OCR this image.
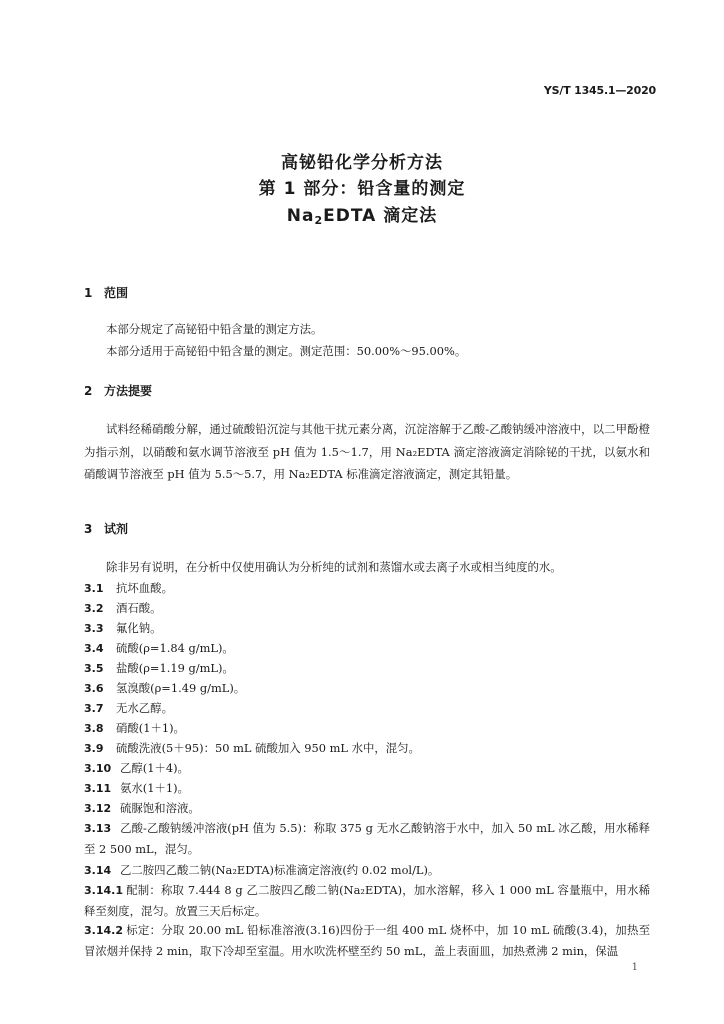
YS/T 1345.1—2020
高铋铅化学分析方法
第 1 部分：铅含量的测定
$Na_2EDTA$ 滴定法
1 范围
本部分规定了高铋铅中铅含量的测定方法。
本部分适用于高铋铅中铅含量的测定。测定范围：50.00%～95.00%。
2 方法提要
试料经稀硝酸分解，通过硫酸铅沉淀与其他干扰元素分离，沉淀溶解于乙酸-乙酸钠缓冲溶液中，以二甲酚橙为指示剂，以硝酸和氨水调节溶液至 pH 值为 1.5～1.7，用 Na₂EDTA 滴定溶液滴定消除铋的干扰，以氨水和硝酸调节溶液至 pH 值为 5.5～5.7，用 Na₂EDTA 标准滴定溶液滴定，测定其铅量。
3 试剂
除非另有说明，在分析中仅使用确认为分析纯的试剂和蒸馏水或去离子水或相当纯度的水。
3.1 抗坏血酸。
3.2 酒石酸。
3.3 氟化钠。
3.4 硫酸(ρ=1.84 g/mL)。
3.5 盐酸(ρ=1.19 g/mL)。
3.6 氢溴酸(ρ=1.49 g/mL)。
3.7 无水乙醇。
3.8 硝酸(1＋1)。
3.9 硫酸洗液(5＋95)：50 mL 硫酸加入 950 mL 水中，混匀。
3.10 乙醇(1＋4)。
3.11 氨水(1＋1)。
3.12 硫脲饱和溶液。
3.13 乙酸-乙酸钠缓冲溶液(pH 值为 5.5)：称取 375 g 无水乙酸钠溶于水中，加入 50 mL 冰乙酸，用水稀释至 2 500 mL，混匀。
3.14 乙二胺四乙酸二钠(Na₂EDTA)标准滴定溶液(约 0.02 mol/L)。
3.14.1 配制：称取 7.444 8 g 乙二胺四乙酸二钠(Na₂EDTA)，加水溶解，移入 1 000 mL 容量瓶中，用水稀释至刻度，混匀。放置三天后标定。
3.14.2 标定：分取 20.00 mL 铅标准溶液(3.16)四份于一组 400 mL 烧杯中，加 10 mL 硫酸(3.4)，加热至冒浓烟并保持 2 min，取下冷却至室温。用水吹洗杯壁至约 50 mL，盖上表面皿，加热煮沸 2 min，保温
1
